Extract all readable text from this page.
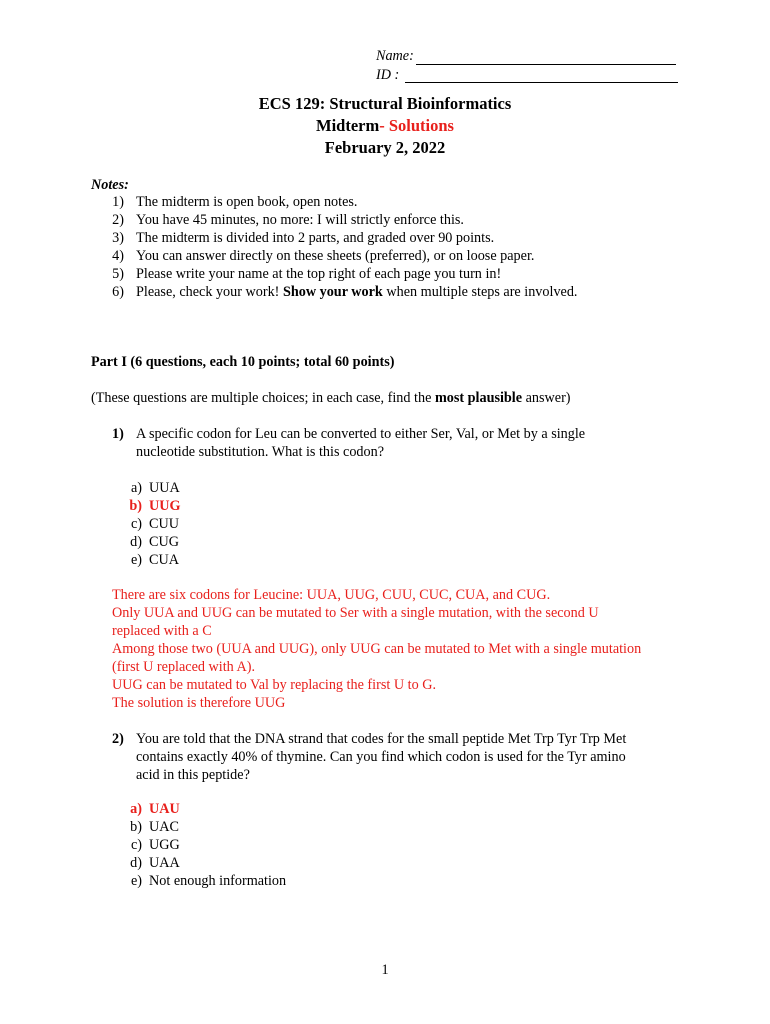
Name:
ID :
ECS 129: Structural Bioinformatics
Midterm- Solutions
February 2, 2022
Notes:
1) The midterm is open book, open notes.
2) You have 45 minutes, no more: I will strictly enforce this.
3) The midterm is divided into 2 parts, and graded over 90 points.
4) You can answer directly on these sheets (preferred), or on loose paper.
5) Please write your name at the top right of each page you turn in!
6) Please, check your work! Show your work when multiple steps are involved.
Part I (6 questions, each 10 points; total 60 points)
(These questions are multiple choices; in each case, find the most plausible answer)
1) A specific codon for Leu can be converted to either Ser, Val, or Met by a single
nucleotide substitution. What is this codon?
a) UUA
b) UUG
c) CUU
d) CUG
e) CUA
There are six codons for Leucine: UUA, UUG, CUU, CUC, CUA, and CUG.
Only UUA and UUG can be mutated to Ser with a single mutation, with the second U
replaced with a C
Among those two (UUA and UUG), only UUG can be mutated to Met with a single mutation
(first U replaced with A).
UUG can be mutated to Val by replacing the first U to G.
The solution is therefore UUG
2) You are told that the DNA strand that codes for the small peptide Met Trp Tyr Trp Met
contains exactly 40% of thymine. Can you find which codon is used for the Tyr amino
acid in this peptide?
a) UAU
b) UAC
c) UGG
d) UAA
e) Not enough information
1
